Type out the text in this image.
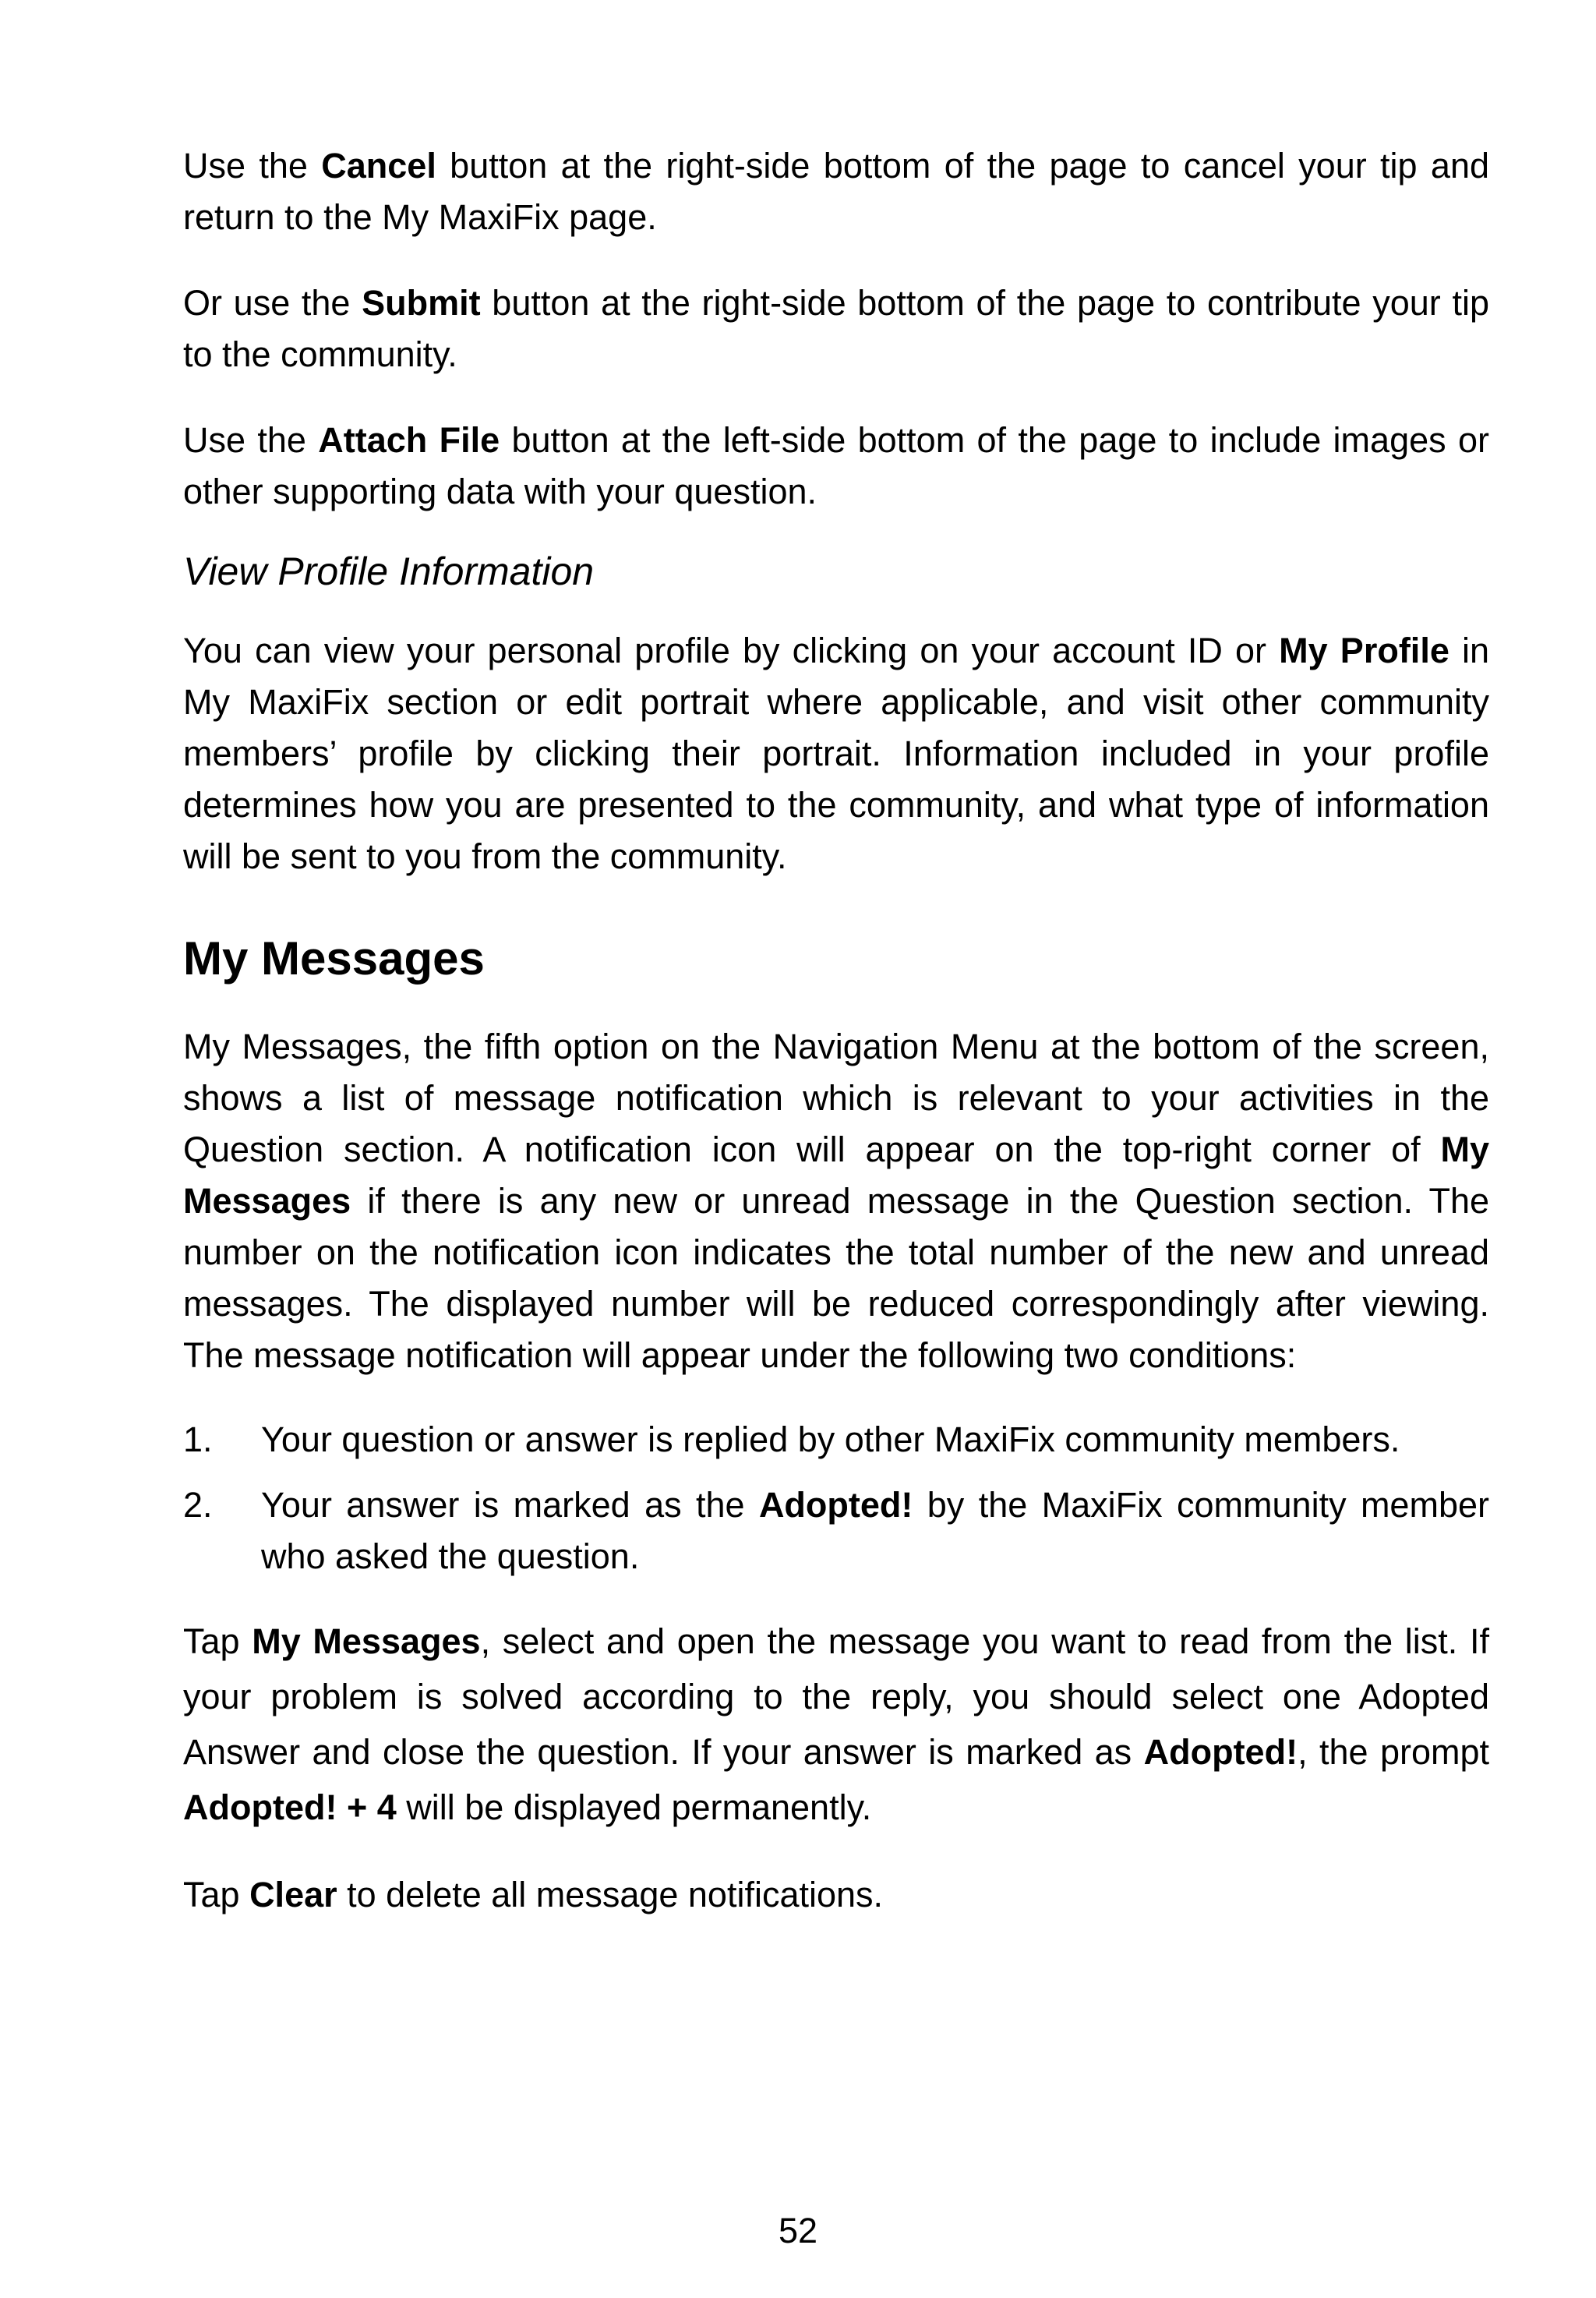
Use the Cancel button at the right-side bottom of the page to cancel your tip and return to the My MaxiFix page.

Or use the Submit button at the right-side bottom of the page to contribute your tip to the community.

Use the Attach File button at the left-side bottom of the page to include images or other supporting data with your question.

View Profile Information

You can view your personal profile by clicking on your account ID or My Profile in My MaxiFix section or edit portrait where applicable, and visit other community members’ profile by clicking their portrait. Information included in your profile determines how you are presented to the community, and what type of information will be sent to you from the community.

My Messages

My Messages, the fifth option on the Navigation Menu at the bottom of the screen, shows a list of message notification which is relevant to your activities in the Question section. A notification icon will appear on the top-right corner of My Messages if there is any new or unread message in the Question section. The number on the notification icon indicates the total number of the new and unread messages. The displayed number will be reduced correspondingly after viewing. The message notification will appear under the following two conditions:

1.	Your question or answer is replied by other MaxiFix community members.
2.	Your answer is marked as the Adopted! by the MaxiFix community member who asked the question.

Tap My Messages, select and open the message you want to read from the list. If your problem is solved according to the reply, you should select one Adopted Answer and close the question. If your answer is marked as Adopted!, the prompt Adopted! + 4 will be displayed permanently.

Tap Clear to delete all message notifications.

52
